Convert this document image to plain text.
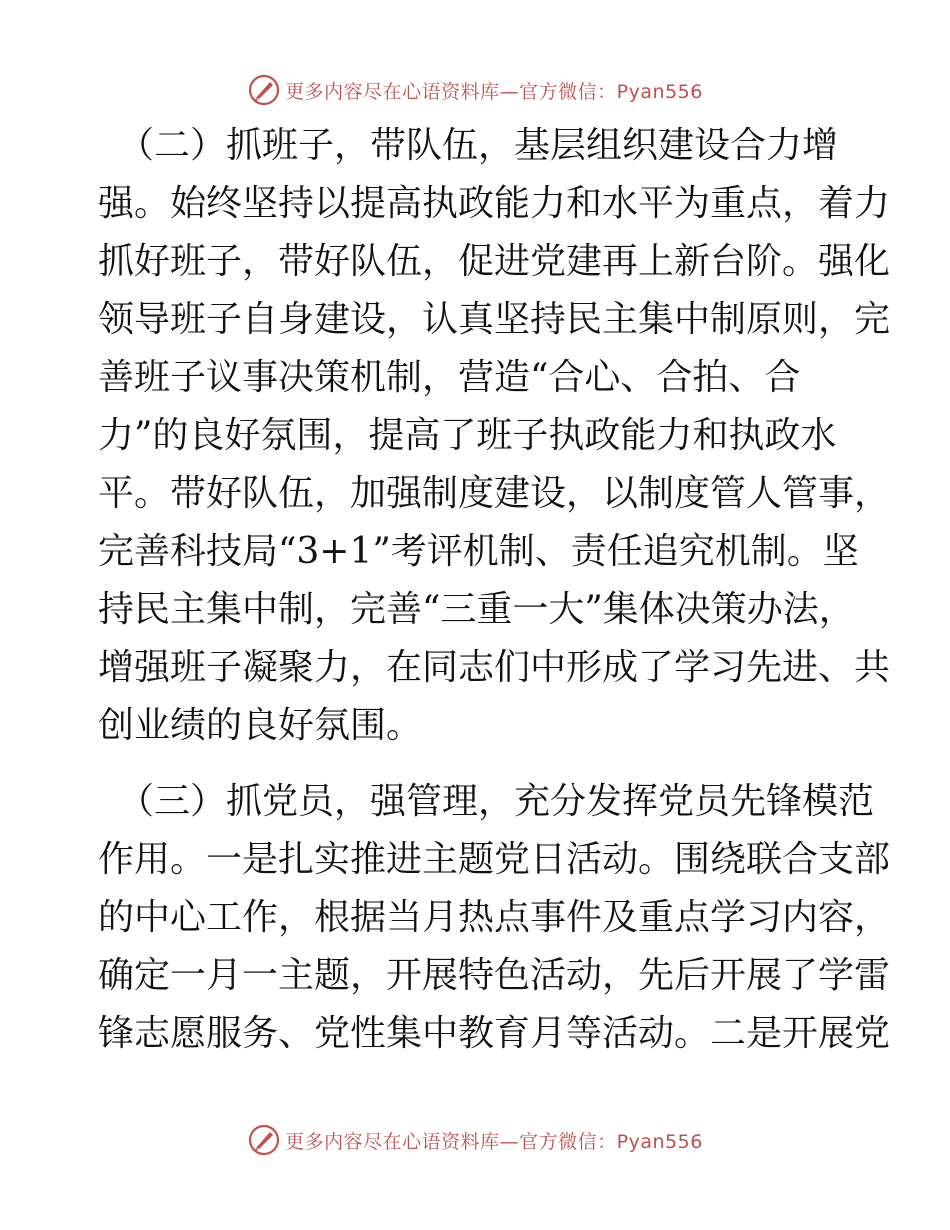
更多内容尽在心语资料库—官方微信：Pyan556
（二）抓班子，带队伍，基层组织建设合力增
强。始终坚持以提高执政能力和水平为重点，着力
抓好班子，带好队伍，促进党建再上新台阶。强化
领导班子自身建设，认真坚持民主集中制原则，完
善班子议事决策机制，营造“合心、合拍、合
力”的良好氛围，提高了班子执政能力和执政水
平。带好队伍，加强制度建设，以制度管人管事，
完善科技局“3+1”考评机制、责任追究机制。坚
持民主集中制，完善“三重一大”集体决策办法，
增强班子凝聚力，在同志们中形成了学习先进、共
创业绩的良好氛围。
（三）抓党员，强管理，充分发挥党员先锋模范
作用。一是扎实推进主题党日活动。围绕联合支部
的中心工作，根据当月热点事件及重点学习内容，
确定一月一主题，开展特色活动，先后开展了学雷
锋志愿服务、党性集中教育月等活动。二是开展党
更多内容尽在心语资料库—官方微信：Pyan556
